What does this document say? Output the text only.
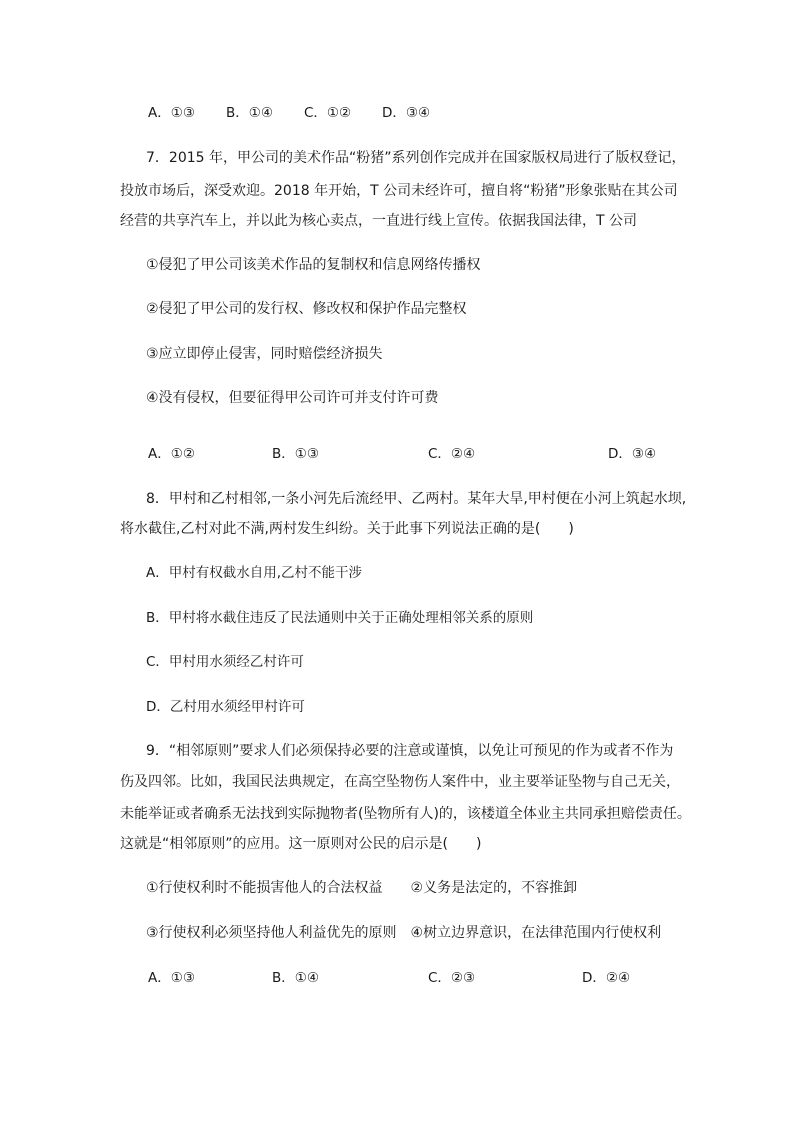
A．①③ B．①④ C．①② D．③④
7．2015 年，甲公司的美术作品“粉猪”系列创作完成并在国家版权局进行了版权登记，
投放市场后，深受欢迎。2018 年开始，T 公司未经许可，擅自将“粉猪”形象张贴在其公司
经营的共享汽车上，并以此为核心卖点，一直进行线上宣传。依据我国法律，T 公司
①侵犯了甲公司该美术作品的复制权和信息网络传播权
②侵犯了甲公司的发行权、修改权和保护作品完整权
③应立即停止侵害，同时赔偿经济损失
④没有侵权，但要征得甲公司许可并支付许可费
A．①②	B．①③	C．②④	D．③④
8．甲村和乙村相邻,一条小河先后流经甲、乙两村。某年大旱,甲村便在小河上筑起水坝,
将水截住,乙村对此不满,两村发生纠纷。关于此事下列说法正确的是(　　)
A．甲村有权截水自用,乙村不能干涉
B．甲村将水截住违反了民法通则中关于正确处理相邻关系的原则
C．甲村用水须经乙村许可
D．乙村用水须经甲村许可
9．“相邻原则”要求人们必须保持必要的注意或谨慎，以免让可预见的作为或者不作为
伤及四邻。比如，我国民法典规定，在高空坠物伤人案件中，业主要举证坠物与自己无关，
未能举证或者确系无法找到实际抛物者(坠物所有人)的，该楼道全体业主共同承担赔偿责任。
这就是“相邻原则”的应用。这一原则对公民的启示是(　　)
①行使权利时不能损害他人的合法权益　　②义务是法定的，不容推卸
③行使权利必须坚持他人利益优先的原则　④树立边界意识，在法律范围内行使权利
A．①③	B．①④	C．②③	D．②④
